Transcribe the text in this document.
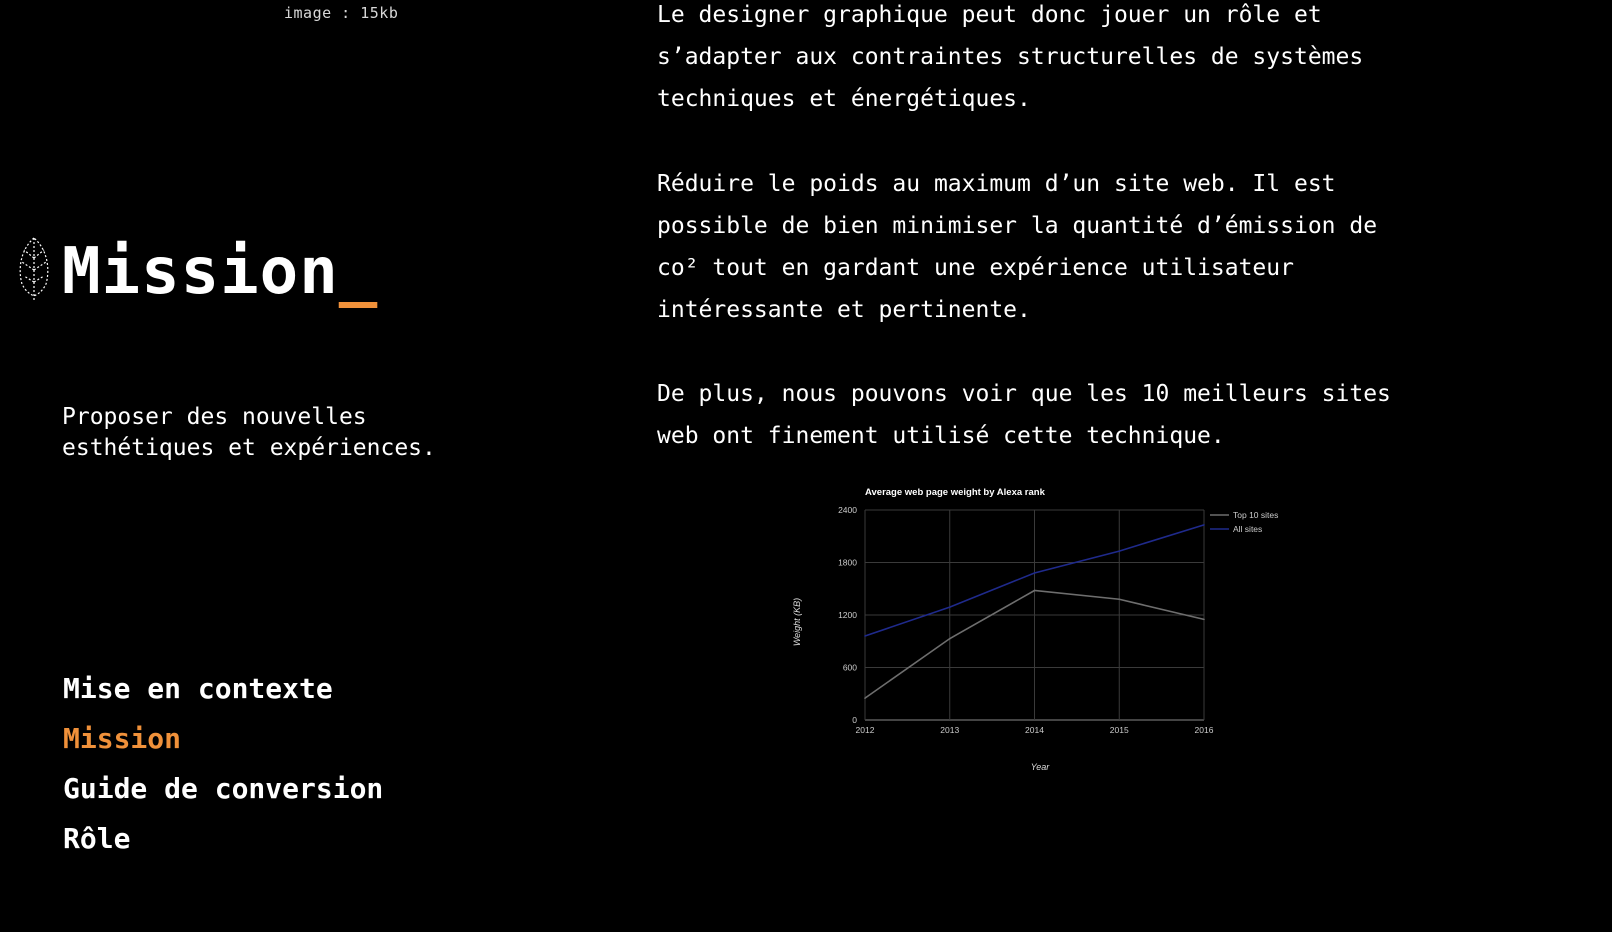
image : 15kb
Mission_

Proposer des nouvelles
esthétiques et expériences.

Mise en contexte
Mission
Guide de conversion
Rôle

Le designer graphique peut donc jouer un rôle et
s’adapter aux contraintes structurelles de systèmes
techniques et énergétiques.

Réduire le poids au maximum d’un site web. Il est
possible de bien minimiser la quantité d’émission de
co² tout en gardant une expérience utilisateur
intéressante et pertinente.

De plus, nous pouvons voir que les 10 meilleurs sites
web ont finement utilisé cette technique.

Average web page weight by Alexa rank
0
600
1200
1800
2400
2012	2013	2014	2015	2016
Top 10 sites
All sites
Year
Weight (KB)
